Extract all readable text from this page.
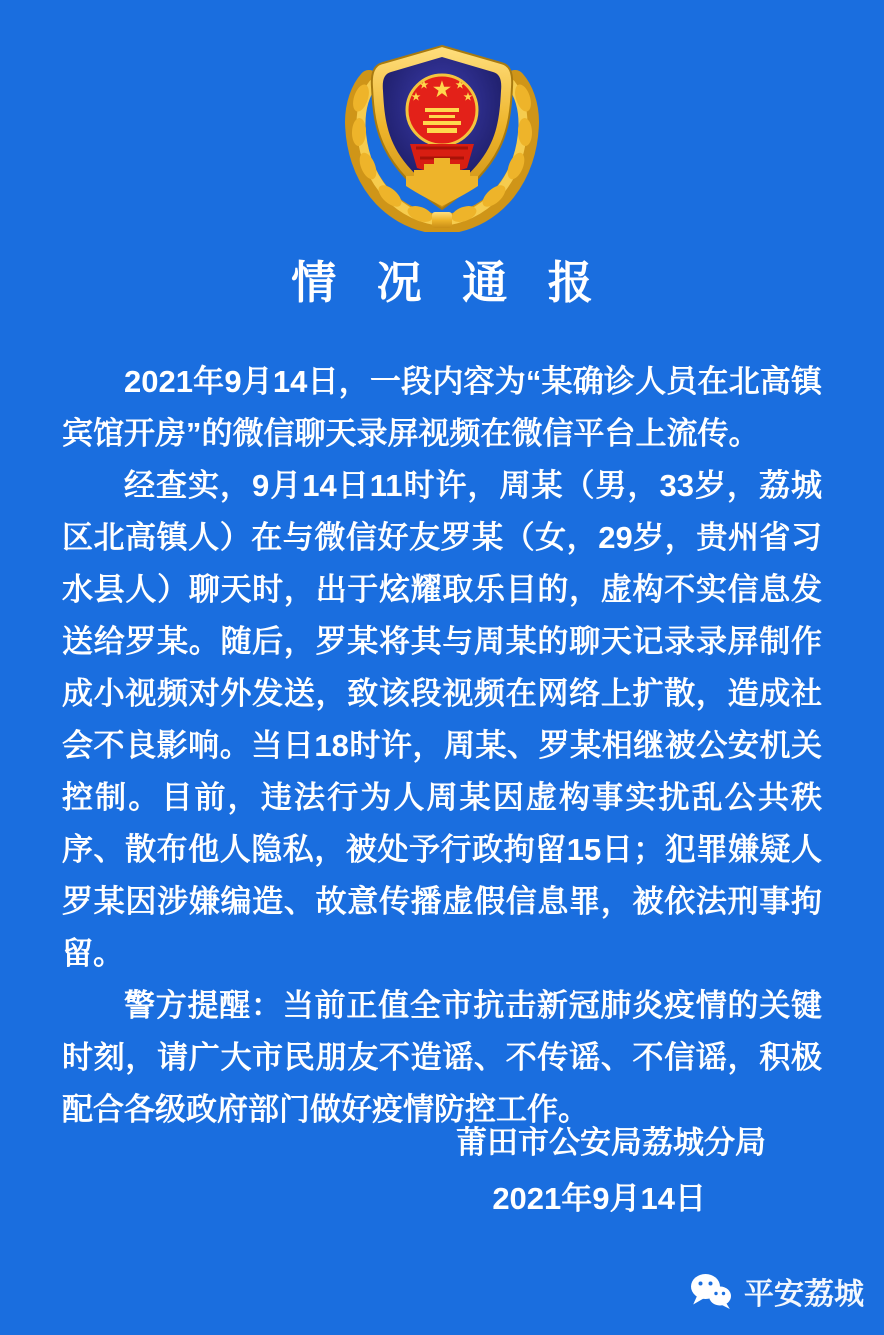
★
★	★
★	★
情 况 通 报

2021年9月14日，一段内容为“某确诊人员在北高镇宾馆开房”的微信聊天录屏视频在微信平台上流传。

经查实，9月14日11时许，周某（男，33岁，荔城区北高镇人）在与微信好友罗某（女，29岁，贵州省习水县人）聊天时，出于炫耀取乐目的，虚构不实信息发送给罗某。随后，罗某将其与周某的聊天记录录屏制作成小视频对外发送，致该段视频在网络上扩散，造成社会不良影响。当日18时许，周某、罗某相继被公安机关控制。目前，违法行为人周某因虚构事实扰乱公共秩序、散布他人隐私，被处予行政拘留15日；犯罪嫌疑人罗某因涉嫌编造、故意传播虚假信息罪，被依法刑事拘留。

警方提醒：当前正值全市抗击新冠肺炎疫情的关键时刻，请广大市民朋友不造谣、不传谣、不信谣，积极配合各级政府部门做好疫情防控工作。

莆田市公安局荔城分局
2021年9月14日
平安荔城
